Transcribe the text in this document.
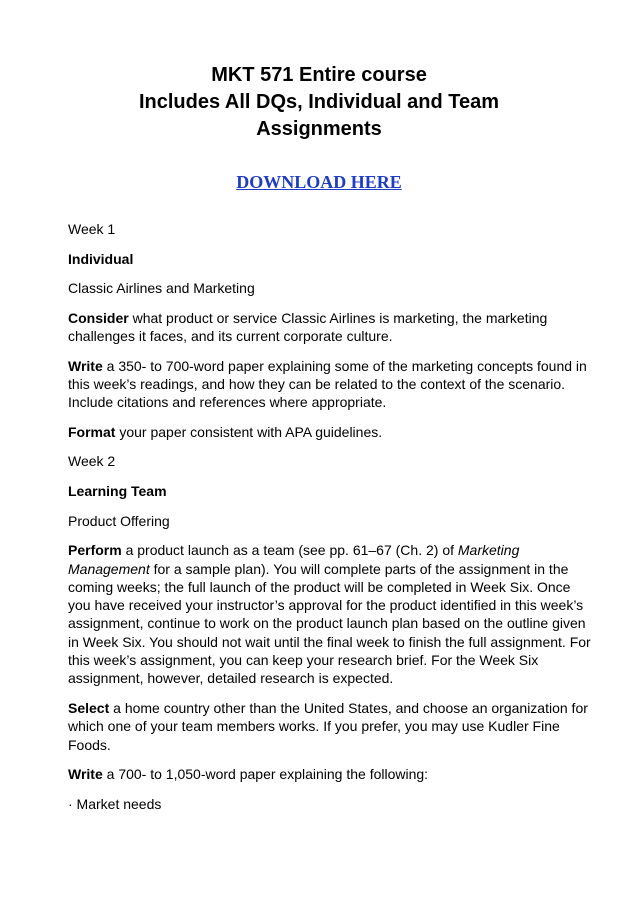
MKT 571 Entire course
Includes All DQs, Individual and Team
Assignments
DOWNLOAD HERE

Week 1

Individual

Classic Airlines and Marketing

Consider what product or service Classic Airlines is marketing, the marketing challenges it faces, and its current corporate culture.

Write a 350- to 700-word paper explaining some of the marketing concepts found in this week’s readings, and how they can be related to the context of the scenario. Include citations and references where appropriate.

Format your paper consistent with APA guidelines.

Week 2

Learning Team

Product Offering

Perform a product launch as a team (see pp. 61–67 (Ch. 2) of Marketing Management for a sample plan). You will complete parts of the assignment in the coming weeks; the full launch of the product will be completed in Week Six. Once you have received your instructor’s approval for the product identified in this week’s assignment, continue to work on the product launch plan based on the outline given in Week Six. You should not wait until the final week to finish the full assignment. For this week’s assignment, you can keep your research brief. For the Week Six assignment, however, detailed research is expected.

Select a home country other than the United States, and choose an organization for which one of your team members works. If you prefer, you may use Kudler Fine Foods.

Write a 700- to 1,050-word paper explaining the following:

· Market needs
